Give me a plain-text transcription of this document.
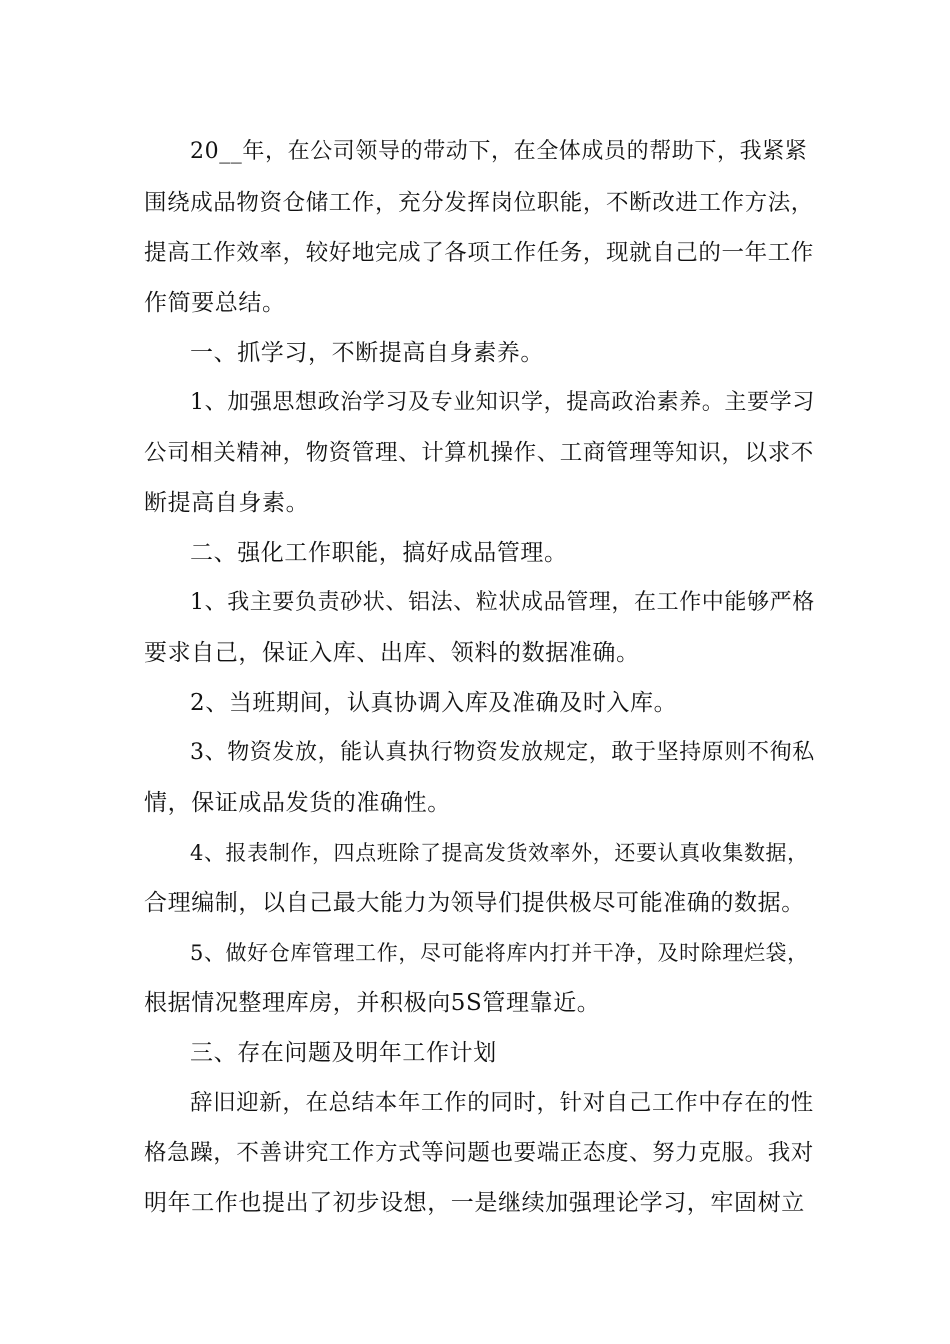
20__年，在公司领导的带动下，在全体成员的帮助下，我紧紧
围绕成品物资仓储工作，充分发挥岗位职能，不断改进工作方法，
提高工作效率，较好地完成了各项工作任务，现就自己的一年工作
作简要总结。
一、抓学习，不断提高自身素养。
1、加强思想政治学习及专业知识学，提高政治素养。主要学习
公司相关精神，物资管理、计算机操作、工商管理等知识，以求不
断提高自身素。
二、强化工作职能，搞好成品管理。
1、我主要负责砂状、铝法、粒状成品管理，在工作中能够严格
要求自己，保证入库、出库、领料的数据准确。
2、当班期间，认真协调入库及准确及时入库。
3、物资发放，能认真执行物资发放规定，敢于坚持原则不徇私
情，保证成品发货的准确性。
4、报表制作，四点班除了提高发货效率外，还要认真收集数据，
合理编制，以自己最大能力为领导们提供极尽可能准确的数据。
5、做好仓库管理工作，尽可能将库内打并干净，及时除理烂袋，
根据情况整理库房，并积极向5S管理靠近。
三、存在问题及明年工作计划
辞旧迎新，在总结本年工作的同时，针对自己工作中存在的性
格急躁，不善讲究工作方式等问题也要端正态度、努力克服。我对
明年工作也提出了初步设想，一是继续加强理论学习，牢固树立
